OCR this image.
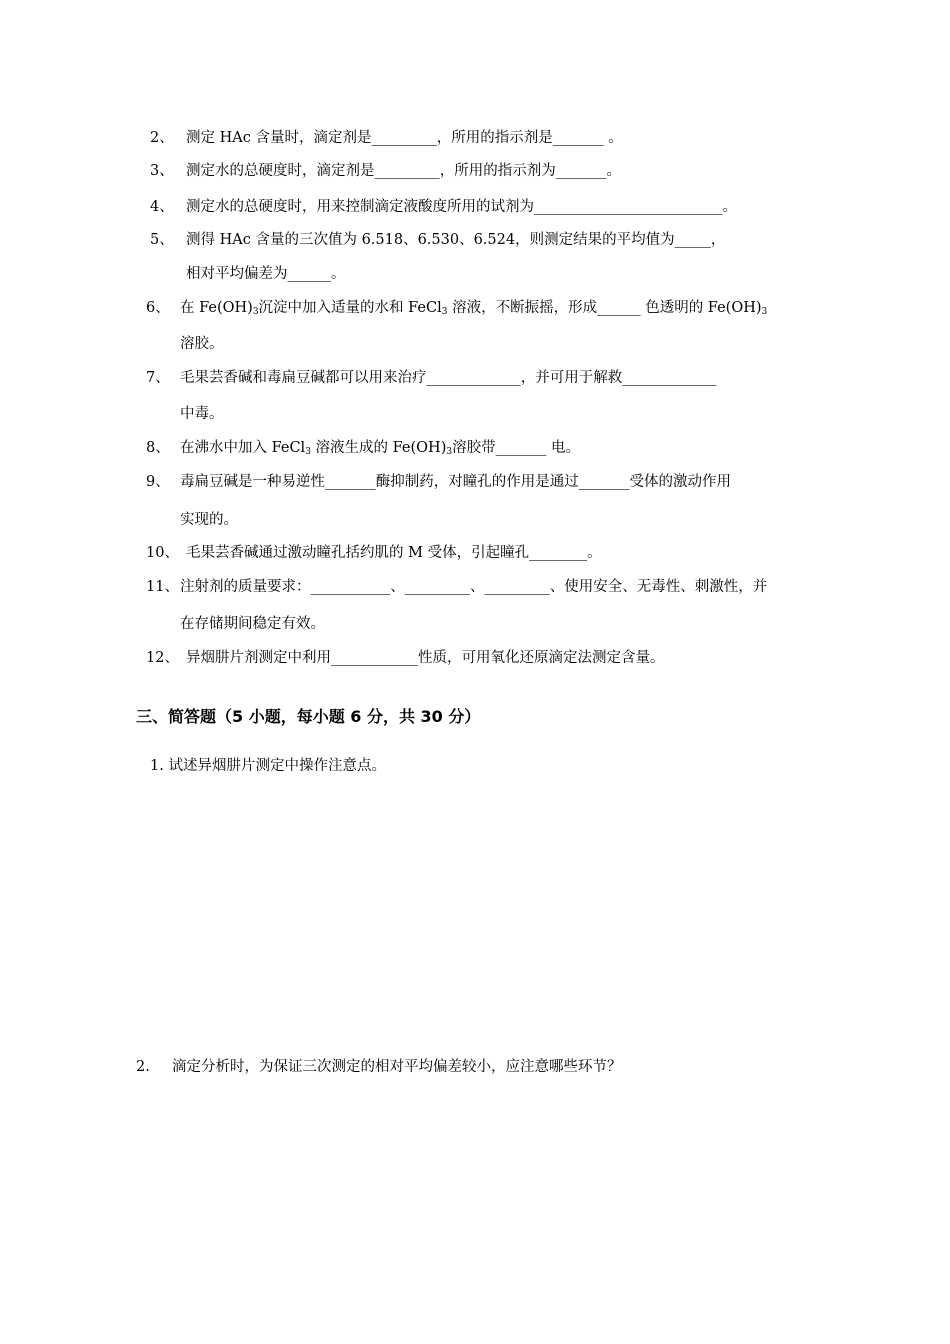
2、 测定 HAc 含量时，滴定剂是_________，所用的指示剂是_______ 。
3、 测定水的总硬度时，滴定剂是_________，所用的指示剂为_______。
4、 测定水的总硬度时，用来控制滴定液酸度所用的试剂为__________________________。
5、 测得 HAc 含量的三次值为 6.518、6.530、6.524，则测定结果的平均值为_____，
相对平均偏差为______。
6、 在 $Fe(OH)_3$沉淀中加入适量的水和 FeCl$_3$ 溶液，不断振摇，形成______ 色透明的 $Fe(OH)_3$
溶胶。
7、 毛果芸香碱和毒扁豆碱都可以用来治疗_____________，并可用于解救_____________
中毒。
8、 在沸水中加入 FeCl$_3$ 溶液生成的 $Fe(OH)_3$溶胶带_______ 电。
9、 毒扁豆碱是一种易逆性_______酶抑制药，对瞳孔的作用是通过_______受体的激动作用
实现的。
10、 毛果芸香碱通过激动瞳孔括约肌的 M 受体，引起瞳孔________。
11、注射剂的质量要求：___________、_________、_________、使用安全、无毒性、刺激性，并
在存储期间稳定有效。
12、 异烟肼片剂测定中利用____________性质，可用氧化还原滴定法测定含量。
三、简答题（5 小题，每小题 6 分，共 30 分）
1. 试述异烟肼片测定中操作注意点。
2. 滴定分析时，为保证三次测定的相对平均偏差较小，应注意哪些环节？
